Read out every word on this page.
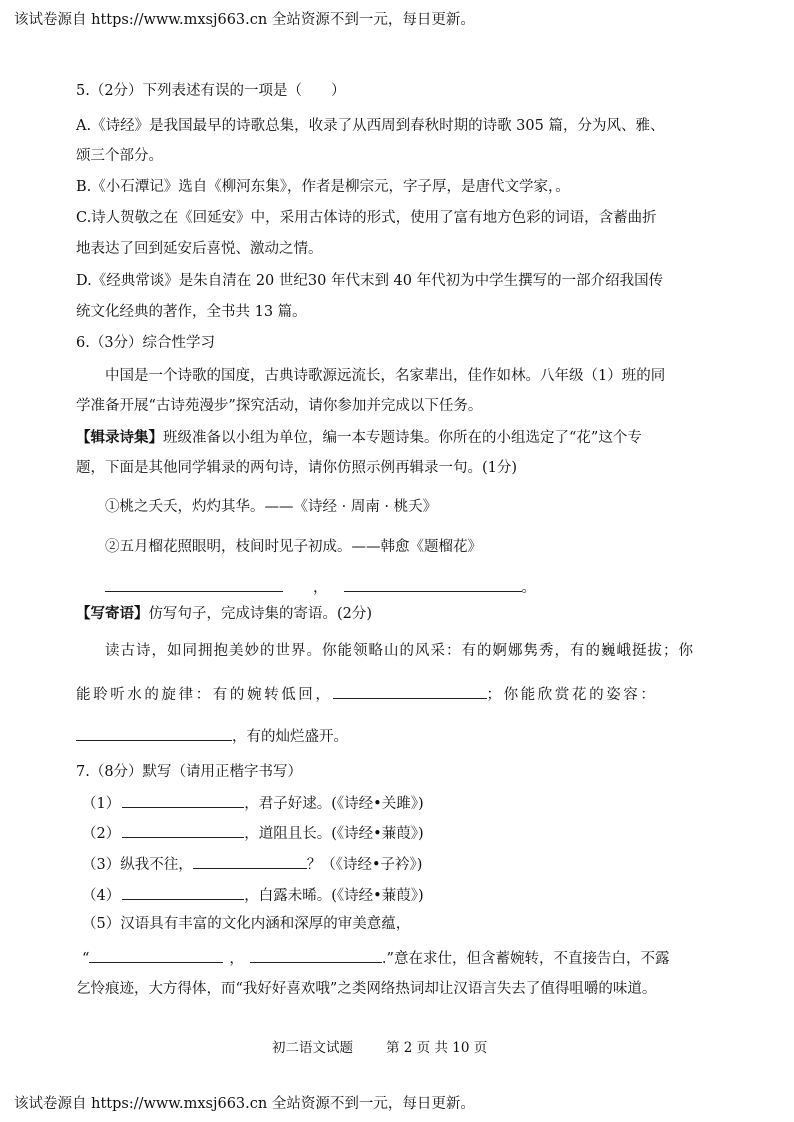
该试卷源自 https://www.mxsj663.cn 全站资源不到一元，每日更新。
5.（2分）下列表述有误的一项是（　　）
A.《诗经》是我国最早的诗歌总集，收录了从西周到春秋时期的诗歌 305 篇，分为风、雅、
颂三个部分。
B.《小石潭记》选自《柳河东集》，作者是柳宗元，字子厚，是唐代文学家，。
C.诗人贺敬之在《回延安》中，采用古体诗的形式，使用了富有地方色彩的词语，含蓄曲折
地表达了回到延安后喜悦、激动之情。
D.《经典常谈》是朱自清在 20 世纪30 年代末到 40 年代初为中学生撰写的一部介绍我国传
统文化经典的著作，全书共 13 篇。
6.（3分）综合性学习
中国是一个诗歌的国度，古典诗歌源远流长，名家辈出，佳作如林。八年级（1）班的同
学准备开展“古诗苑漫步”探究活动，请你参加并完成以下任务。
【辑录诗集】班级准备以小组为单位，编一本专题诗集。你所在的小组选定了“花”这个专
题，下面是其他同学辑录的两句诗，请你仿照示例再辑录一句。(1分)
①桃之夭夭，灼灼其华。——《诗经 · 周南 · 桃夭》
②五月榴花照眼明，枝间时见子初成。——韩愈《题榴花》
，	。
【写寄语】仿写句子，完成诗集的寄语。(2分)
读古诗，如同拥抱美妙的世界。你能领略山的风采：有的婀娜隽秀，有的巍峨挺拔；你
能聆听水的旋律：有的婉转低回，	；你能欣赏花的姿容：
，有的灿烂盛开。
7.（8分）默写（请用正楷字书写）
（1）	，君子好逑。(《诗经•关雎》)
（2）	，道阻且长。(《诗经•蒹葭》)
（3）纵我不往，	？（《诗经•子衿》)
（4）	，白露未晞。(《诗经•蒹葭》)
（5）汉语具有丰富的文化内涵和深厚的审美意蕴，
“	，	.”意在求仕，但含蓄婉转，不直接告白，不露
乞怜痕迹，大方得体，而“我好好喜欢哦”之类网络热词却让汉语言失去了值得咀嚼的味道。
初二语文试题 第 2 页 共 10 页
该试卷源自 https://www.mxsj663.cn 全站资源不到一元，每日更新。
